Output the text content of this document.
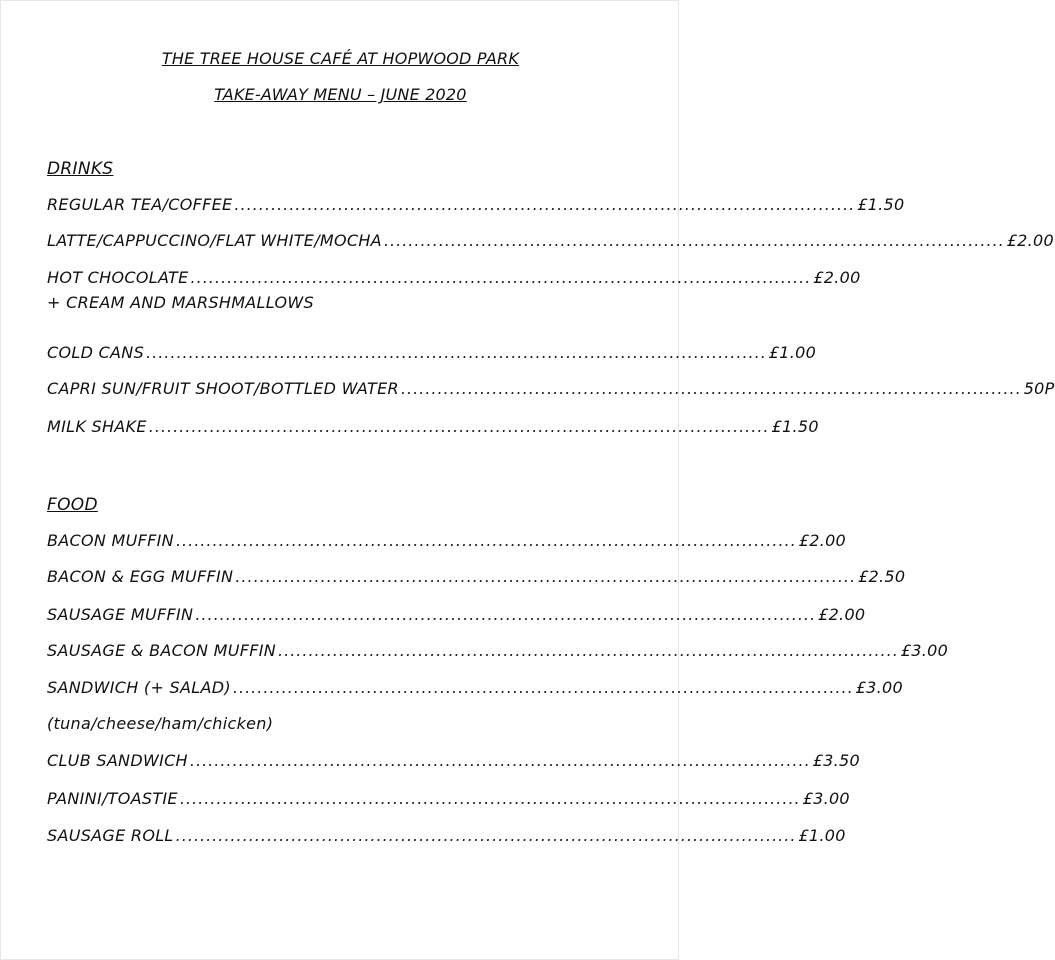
THE TREE HOUSE CAFÉ AT HOPWOOD PARK
TAKE-AWAY MENU – JUNE 2020
DRINKS
REGULAR TEA/COFFEE ...................................................................................................... £1.50
LATTE/CAPPUCCINO/FLAT WHITE/MOCHA ...................................................................................................... £2.00
HOT CHOCOLATE ...................................................................................................... £2.00
+ CREAM AND MARSHMALLOWS
COLD CANS ...................................................................................................... £1.00
CAPRI SUN/FRUIT SHOOT/BOTTLED WATER ...................................................................................................... 50P
MILK SHAKE ...................................................................................................... £1.50
FOOD
BACON MUFFIN ...................................................................................................... £2.00
BACON & EGG MUFFIN ...................................................................................................... £2.50
SAUSAGE MUFFIN ...................................................................................................... £2.00
SAUSAGE & BACON MUFFIN ...................................................................................................... £3.00
SANDWICH (+ SALAD) ...................................................................................................... £3.00
(tuna/cheese/ham/chicken)
CLUB SANDWICH ...................................................................................................... £3.50
PANINI/TOASTIE ...................................................................................................... £3.00
SAUSAGE ROLL ...................................................................................................... £1.00
